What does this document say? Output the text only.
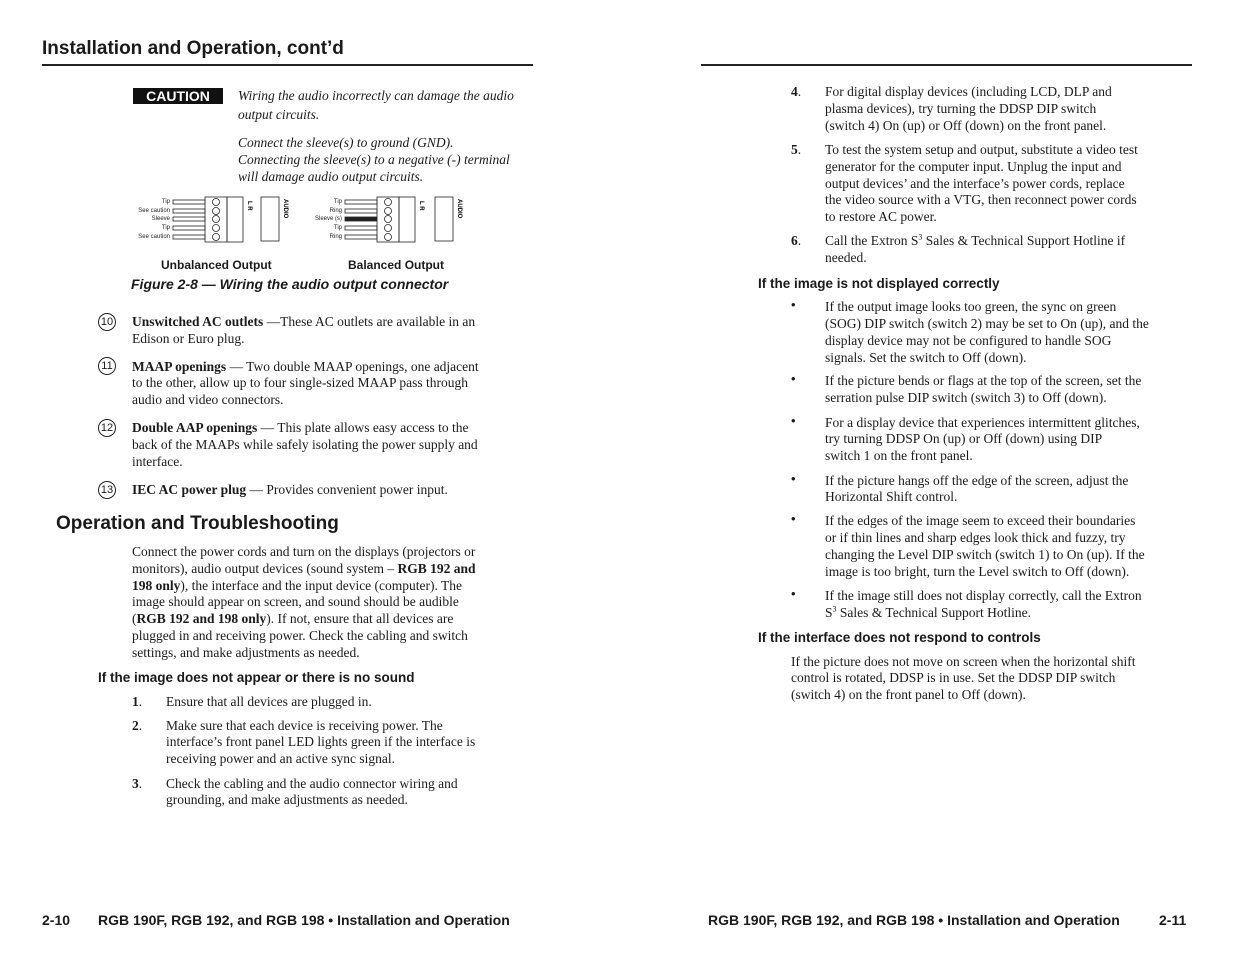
Installation and Operation, cont’d
CAUTION	Wiring the audio incorrectly can damage the audio
output circuits.
Connect the sleeve(s) to ground (GND).
Connecting the sleeve(s) to a negative (-) terminal
will damage audio output circuits.
Tip
See caution
Sleeve
Tip
See caution
L R	AUDIO	Tip
Ring
Sleeve (s)
Tip
Ring
L R	AUDIO
Unbalanced Output	Balanced Output
Figure 2-8 — Wiring the audio output connector
10 Unswitched AC outlets —These AC outlets are available in an
Edison or Euro plug.
11 MAAP openings — Two double MAAP openings, one adjacent
to the other, allow up to four single-sized MAAP pass through
audio and video connectors.
12 Double AAP openings — This plate allows easy access to the
back of the MAAPs while safely isolating the power supply and
interface.
13 IEC AC power plug — Provides convenient power input.
Operation and Troubleshooting
Connect the power cords and turn on the displays (projectors or
monitors), audio output devices (sound system – RGB 192 and
198 only), the interface and the input device (computer). The
image should appear on screen, and sound should be audible
(RGB 192 and 198 only). If not, ensure that all devices are
plugged in and receiving power. Check the cabling and switch
settings, and make adjustments as needed.
If the image does not appear or there is no sound
1. Ensure that all devices are plugged in.
2. Make sure that each device is receiving power. The
interface’s front panel LED lights green if the interface is
receiving power and an active sync signal.
3. Check the cabling and the audio connector wiring and
grounding, and make adjustments as needed.
2-10 RGB 190F, RGB 192, and RGB 198 • Installation and Operation
4. For digital display devices (including LCD, DLP and
plasma devices), try turning the DDSP DIP switch
(switch 4) On (up) or Off (down) on the front panel.
5. To test the system setup and output, substitute a video test
generator for the computer input. Unplug the input and
output devices’ and the interface’s power cords, replace
the video source with a VTG, then reconnect power cords
to restore AC power.
6. Call the Extron $S^3$ Sales & Technical Support Hotline if
needed.
If the image is not displayed correctly
• If the output image looks too green, the sync on green
(SOG) DIP switch (switch 2) may be set to On (up), and the
display device may not be configured to handle SOG
signals. Set the switch to Off (down).
• If the picture bends or flags at the top of the screen, set the
serration pulse DIP switch (switch 3) to Off (down).
• For a display device that experiences intermittent glitches,
try turning DDSP On (up) or Off (down) using DIP
switch 1 on the front panel.
• If the picture hangs off the edge of the screen, adjust the
Horizontal Shift control.
• If the edges of the image seem to exceed their boundaries
or if thin lines and sharp edges look thick and fuzzy, try
changing the Level DIP switch (switch 1) to On (up). If the
image is too bright, turn the Level switch to Off (down).
• If the image still does not display correctly, call the Extron
$S^3$ Sales & Technical Support Hotline.
If the interface does not respond to controls
If the picture does not move on screen when the horizontal shift
control is rotated, DDSP is in use. Set the DDSP DIP switch
(switch 4) on the front panel to Off (down).
RGB 190F, RGB 192, and RGB 198 • Installation and Operation	2-11
